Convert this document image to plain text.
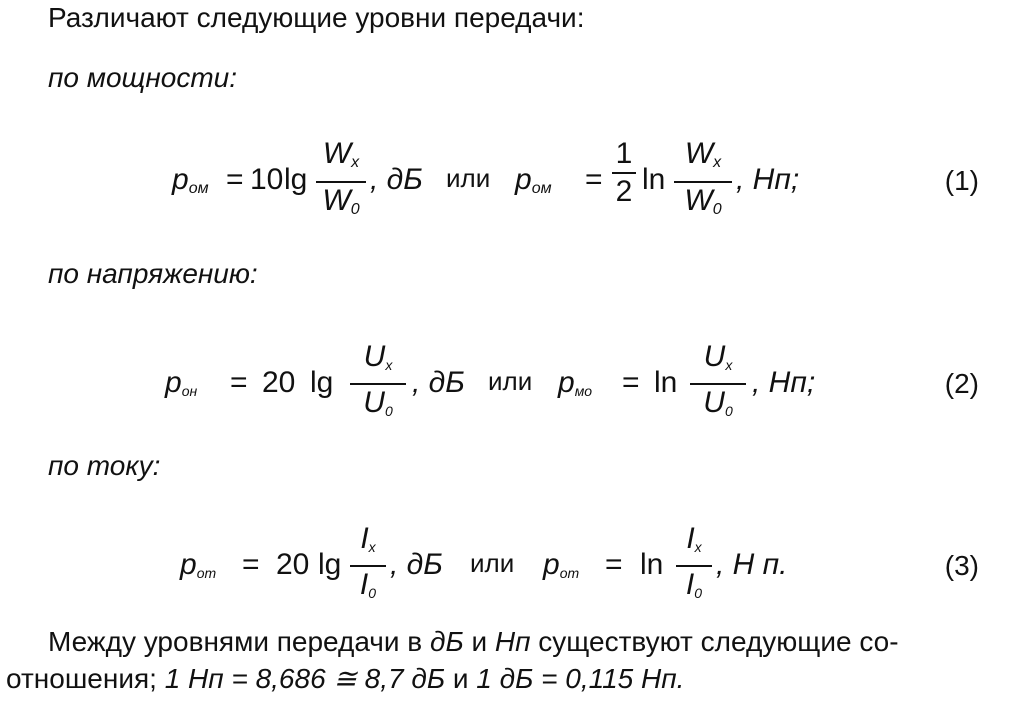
Различают следующие уровни передачи:
по мощности:
$p_{ом} = 10$ lg
$W_x$
$W_0$
, дБ или $p_{ом}$ =
1
2 ln
$W_x$
$W_0$
, Нп;	(1)
по напряжению:
$p_{он} = 20$ lg
$U_x$
$U_0$
, дБ или $p_{мо} = \ln$
$U_x$
$U_0$
, Нп;	(2)
по току:
$p_{от} = 20$ lg
$I_x$
$I_0$
, дБ или $p_{от} = \ln$
$I_x$
$I_0$
, Н п.	(3)
Между уровнями передачи в дБ и Нп существуют следующие со-
отношения; 1 Нп = 8,686 ≅ 8,7 дБ и 1 дБ = 0,115 Нп.
